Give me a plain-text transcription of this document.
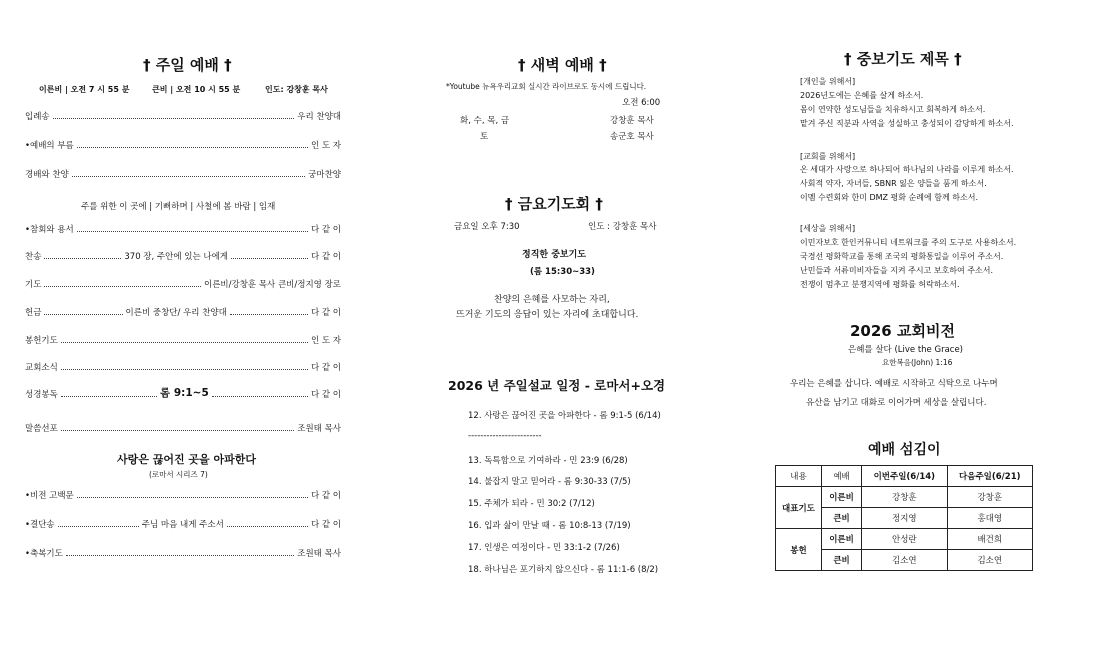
† 주일 예배 †
이른비 | 오전 7 시 55 분	큰비 | 오전 10 시 55 분	인도: 강창훈 목사
입례송	우리 찬양대
•예배의 부름	인 도 자
경배와 찬양	궁마찬양
주를 위한 이 곳에 | 기뻐하며 | 사철에 봄 바람 | 임재
•참회와 용서	다 같 이
찬송	370 장, 주안에 있는 나에게	다 같 이
기도	이른비/강창훈 목사 큰비/정지영 장로
헌금	이른비 중창단/ 우리 찬양대	다 같 이
봉헌기도	인 도 자
교회소식	다 같 이
성경봉독	롬 9:1~5	다 같 이
말씀선포	조원태 목사
사랑은 끊어진 곳을 아파한다
(로마서 시리즈 7)
•비전 고백문	다 같 이
•결단송	주님 마음 내게 주소서	다 같 이
•축복기도	조원태 목사
† 새벽 예배 †
*Youtube 뉴욕우리교회 실시간 라이브로도 동시에 드립니다.
오전 6:00
화, 수, 목, 금	강창훈 목사
토	송군호 목사
† 금요기도회 †
금요일 오후 7:30	인도 : 강창훈 목사
정직한 중보기도
(롬 15:30~33)
찬양의 은혜를 사모하는 자리,
뜨거운 기도의 응답이 있는 자리에 초대합니다.
2026 년 주일설교 일정 - 로마서+오경
12. 사랑은 끊어진 곳을 아파한다 - 롬 9:1-5 (6/14)
------------------------
13. 독특함으로 기여하라 - 민 23:9 (6/28)
14. 불잡지 말고 믿어라 - 롬 9:30-33 (7/5)
15. 주체가 되라 - 민 30:2 (7/12)
16. 입과 삶이 만날 때 - 롬 10:8-13 (7/19)
17. 인생은 여정이다 - 민 33:1-2 (7/26)
18. 하나님은 포기하지 않으신다 - 롬 11:1-6 (8/2)
† 중보기도 제목 †
[개인을 위해서]
2026년도에는 은혜를 살게 하소서.
몸이 연약한 성도님들을 치유하시고 회복하게 하소서.
맡겨 주신 직분과 사역을 성실하고 충성되이 감당하게 하소서.
[교회를 위해서]
온 세대가 사랑으로 하나되어 하나님의 나라를 이루게 하소서.
사회적 약자, 자녀들, SBNR 잃은 양들을 품게 하소서.
이멤 수련회와 한미 DMZ 평화 순례에 함께 하소서.
[세상을 위해서]
이민자보호 한인커뮤니티 네트워크를 주의 도구로 사용하소서.
국경선 평화학교를 통해 조국의 평화통일을 이루어 주소서.
난민들과 서류미비자들을 지켜 주시고 보호하여 주소서.
전쟁이 멈추고 분쟁지역에 평화를 허락하소서.
2026 교회비전
은혜를 살다 (Live the Grace)
요한복음(John) 1:16
우리는 은혜를 삽니다. 예배로 시작하고 식탁으로 나누며
유산을 남기고 대화로 이어가며 세상을 살립니다.
예배 섬김이
내용	예배	이번주일(6/14)	다음주일(6/21)
대표기도	이른비	강창훈	강창훈
	큰비	정지영	홍대영
봉헌	이른비	안성란	배건희
	큰비	김소연	김소연
